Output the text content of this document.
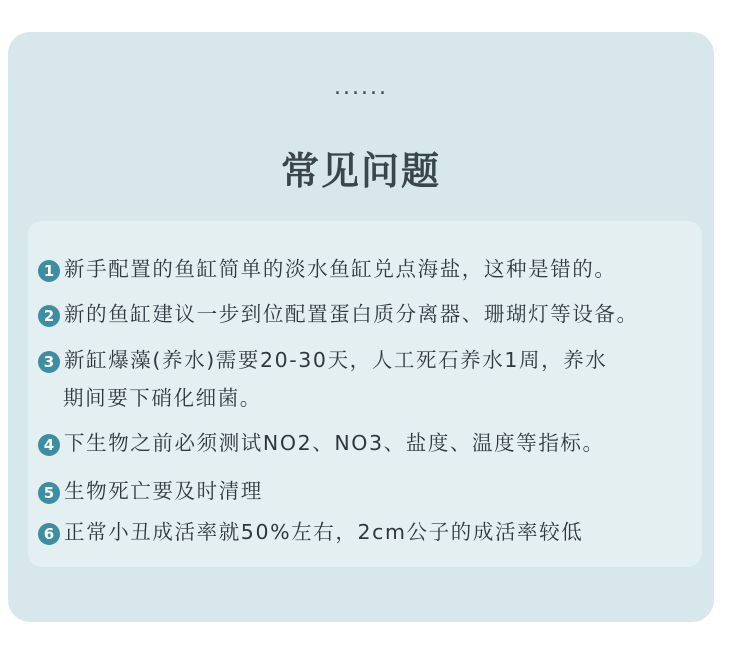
......
常见问题
1 新手配置的鱼缸简单的淡水鱼缸兑点海盐，这种是错的。
2 新的鱼缸建议一步到位配置蛋白质分离器、珊瑚灯等设备。
3 新缸爆藻(养水)需要20-30天，人工死石养水1周，养水
期间要下硝化细菌。
4 下生物之前必须测试NO2、NO3、盐度、温度等指标。
5 生物死亡要及时清理
6 正常小丑成活率就50%左右，2cm公子的成活率较低
